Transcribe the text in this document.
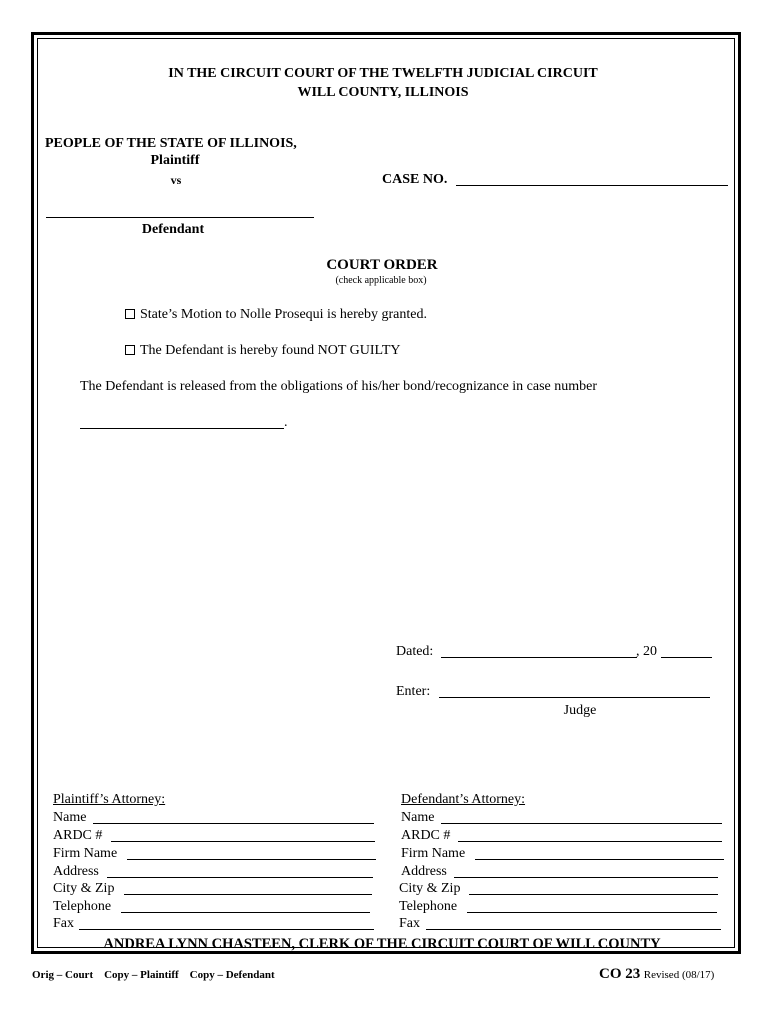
IN THE CIRCUIT COURT OF THE TWELFTH JUDICIAL CIRCUIT
WILL COUNTY, ILLINOIS
PEOPLE OF THE STATE OF ILLINOIS,
Plaintiff
vs	CASE NO.
Defendant
COURT ORDER
(check applicable box)
State’s Motion to Nolle Prosequi is hereby granted.
The Defendant is hereby found NOT GUILTY
The Defendant is released from the obligations of his/her bond/recognizance in case number
.
Dated:	, 20
Enter:
Judge
Plaintiff’s Attorney:
Name
ARDC #
Firm Name
Address
City & Zip
Telephone
Fax
Defendant’s Attorney:
Name
ARDC #
Firm Name
Address
City & Zip
Telephone
Fax
ANDREA LYNN CHASTEEN, CLERK OF THE CIRCUIT COURT OF WILL COUNTY
Orig – Court    Copy – Plaintiff    Copy – Defendant	CO 23 Revised (08/17)
